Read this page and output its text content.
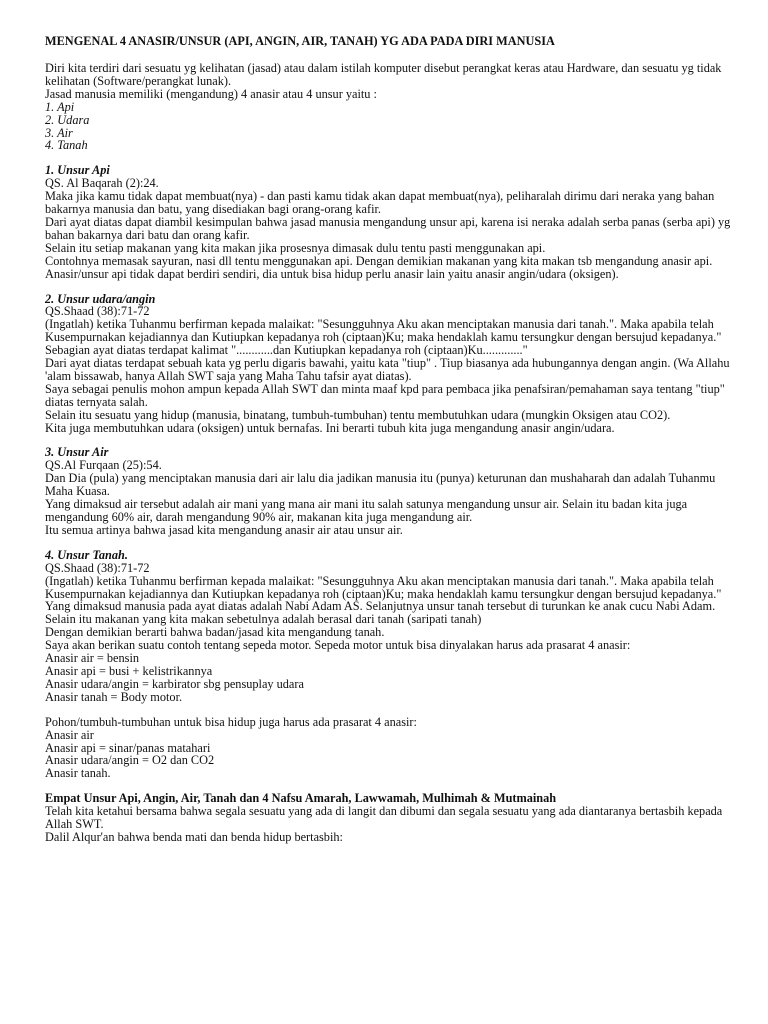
MENGENAL 4 ANASIR/UNSUR (API, ANGIN, AIR, TANAH) YG ADA PADA DIRI MANUSIA
Diri kita terdiri dari sesuatu yg kelihatan (jasad) atau dalam istilah komputer disebut perangkat keras atau Hardware, dan sesuatu yg tidak kelihatan (Software/perangkat lunak).
Jasad manusia memiliki (mengandung) 4 anasir atau 4 unsur yaitu :
1. Api
2. Udara
3. Air
4. Tanah
1. Unsur Api
QS. Al Baqarah (2):24.
Maka jika kamu tidak dapat membuat(nya) - dan pasti kamu tidak akan dapat membuat(nya), peliharalah dirimu dari neraka yang bahan bakarnya manusia dan batu, yang disediakan bagi orang-orang kafir.
Dari ayat diatas dapat diambil kesimpulan bahwa jasad manusia mengandung unsur api, karena isi neraka adalah serba panas (serba api) yg bahan bakarnya dari batu dan orang kafir.
Selain itu setiap makanan yang kita makan jika prosesnya dimasak dulu tentu pasti menggunakan api.
Contohnya memasak sayuran, nasi dll tentu menggunakan api. Dengan demikian makanan yang kita makan tsb mengandung anasir api.
Anasir/unsur api tidak dapat berdiri sendiri, dia untuk bisa hidup perlu anasir lain yaitu anasir angin/udara (oksigen).
2. Unsur udara/angin
QS.Shaad (38):71-72
(Ingatlah) ketika Tuhanmu berfirman kepada malaikat: "Sesungguhnya Aku akan menciptakan manusia dari tanah.". Maka apabila telah Kusempurnakan kejadiannya dan Kutiupkan kepadanya roh (ciptaan)Ku; maka hendaklah kamu tersungkur dengan bersujud kepadanya."
Sebagian ayat diatas terdapat kalimat "............dan Kutiupkan kepadanya roh (ciptaan)Ku............."
Dari ayat diatas terdapat sebuah kata yg perlu digaris bawahi, yaitu kata "tiup" . Tiup biasanya ada hubungannya dengan angin. (Wa Allahu 'alam bissawab, hanya Allah SWT saja yang Maha Tahu tafsir ayat diatas).
Saya sebagai penulis mohon ampun kepada Allah SWT dan minta maaf kpd para pembaca jika penafsiran/pemahaman saya tentang "tiup" diatas ternyata salah.
Selain itu sesuatu yang hidup (manusia, binatang, tumbuh-tumbuhan) tentu membutuhkan udara (mungkin Oksigen atau CO2).
Kita juga membutuhkan udara (oksigen) untuk bernafas. Ini berarti tubuh kita juga mengandung anasir angin/udara.
3. Unsur Air
QS.Al Furqaan (25):54.
Dan Dia (pula) yang menciptakan manusia dari air lalu dia jadikan manusia itu (punya) keturunan dan mushaharah dan adalah Tuhanmu Maha Kuasa.
Yang dimaksud air tersebut adalah air mani yang mana air mani itu salah satunya mengandung unsur air. Selain itu badan kita juga mengandung 60% air, darah mengandung 90% air, makanan kita juga mengandung air.
Itu semua artinya bahwa jasad kita mengandung anasir air atau unsur air.
4. Unsur Tanah.
QS.Shaad (38):71-72
(Ingatlah) ketika Tuhanmu berfirman kepada malaikat: "Sesungguhnya Aku akan menciptakan manusia dari tanah.". Maka apabila telah Kusempurnakan kejadiannya dan Kutiupkan kepadanya roh (ciptaan)Ku; maka hendaklah kamu tersungkur dengan bersujud kepadanya."
Yang dimaksud manusia pada ayat diatas adalah Nabi Adam AS. Selanjutnya unsur tanah tersebut di turunkan ke anak cucu Nabi Adam.
Selain itu makanan yang kita makan sebetulnya adalah berasal dari tanah (saripati tanah)
Dengan demikian berarti bahwa badan/jasad kita mengandung tanah.
Saya akan berikan suatu contoh tentang sepeda motor. Sepeda motor untuk bisa dinyalakan harus ada prasarat 4 anasir:
Anasir air = bensin
Anasir api = busi + kelistrikannya
Anasir udara/angin = karbirator sbg pensuplay udara
Anasir tanah = Body motor.
Pohon/tumbuh-tumbuhan untuk bisa hidup juga harus ada prasarat 4 anasir:
Anasir air
Anasir api = sinar/panas matahari
Anasir udara/angin = O2 dan CO2
Anasir tanah.
Empat Unsur Api, Angin, Air, Tanah dan 4 Nafsu Amarah, Lawwamah, Mulhimah & Mutmainah
Telah kita ketahui bersama bahwa segala sesuatu yang ada di langit dan dibumi dan segala sesuatu yang ada diantaranya bertasbih kepada Allah SWT.
Dalil Alqur'an bahwa benda mati dan benda hidup bertasbih:
